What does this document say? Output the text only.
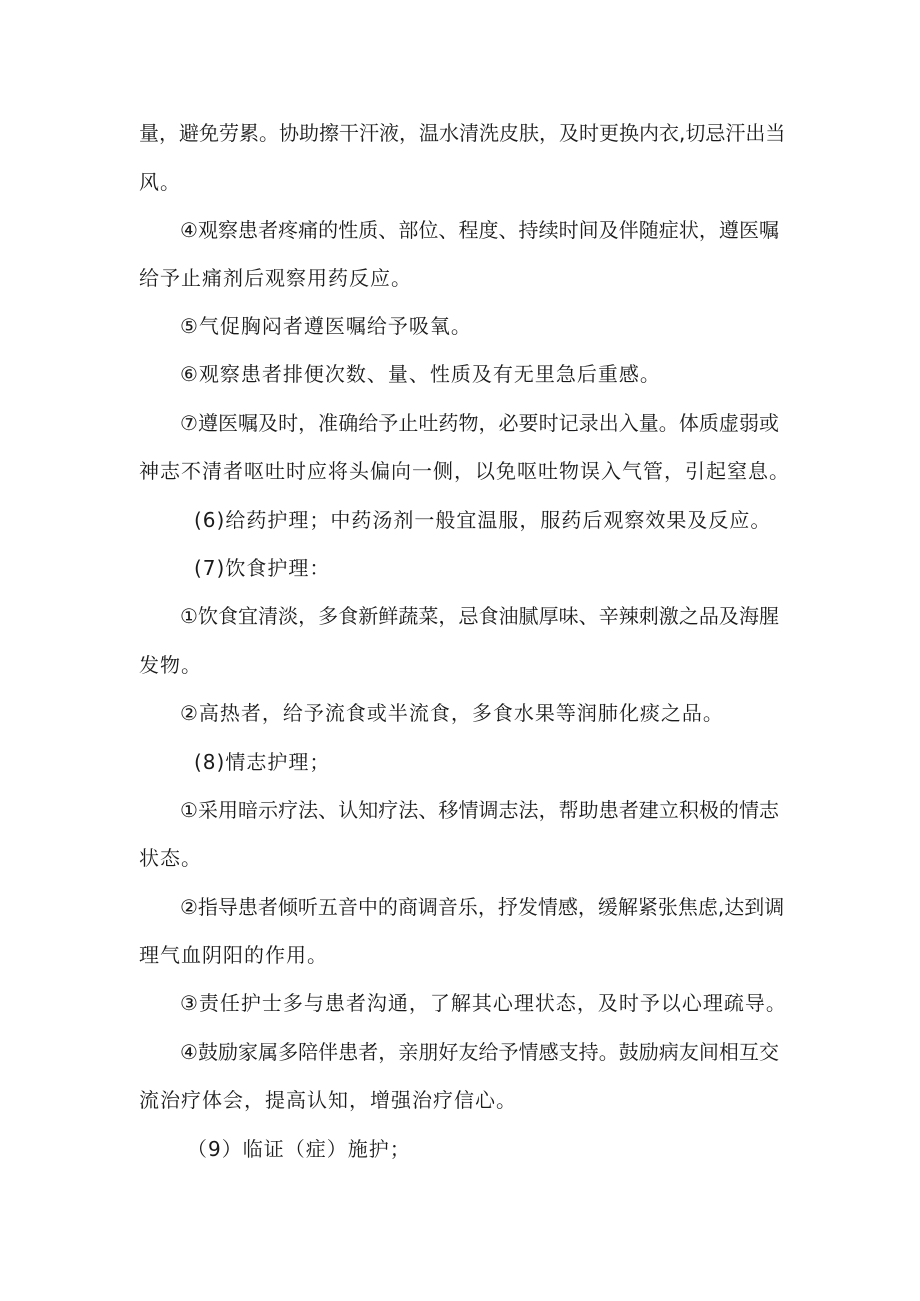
量，避免劳累。协助擦干汗液，温水清洗皮肤，及时更换内衣,切忌汗出当
风。
④观察患者疼痛的性质、部位、程度、持续时间及伴随症状，遵医嘱
给予止痛剂后观察用药反应。
⑤气促胸闷者遵医嘱给予吸氧。
⑥观察患者排便次数、量、性质及有无里急后重感。
⑦遵医嘱及时，准确给予止吐药物，必要时记录出入量。体质虚弱或
神志不清者呕吐时应将头偏向一侧，以免呕吐物误入气管，引起窒息。
(6)给药护理；中药汤剂一般宜温服，服药后观察效果及反应。
(7)饮食护理：
①饮食宜清淡，多食新鲜蔬菜，忌食油腻厚味、辛辣刺激之品及海腥
发物。
②高热者，给予流食或半流食，多食水果等润肺化痰之品。
(8)情志护理；
①采用暗示疗法、认知疗法、移情调志法，帮助患者建立积极的情志
状态。
②指导患者倾听五音中的商调音乐，抒发情感，缓解紧张焦虑,达到调
理气血阴阳的作用。
③责任护士多与患者沟通，了解其心理状态，及时予以心理疏导。
④鼓励家属多陪伴患者，亲朋好友给予情感支持。鼓励病友间相互交
流治疗体会，提高认知，增强治疗信心。
（9）临证（症）施护；
